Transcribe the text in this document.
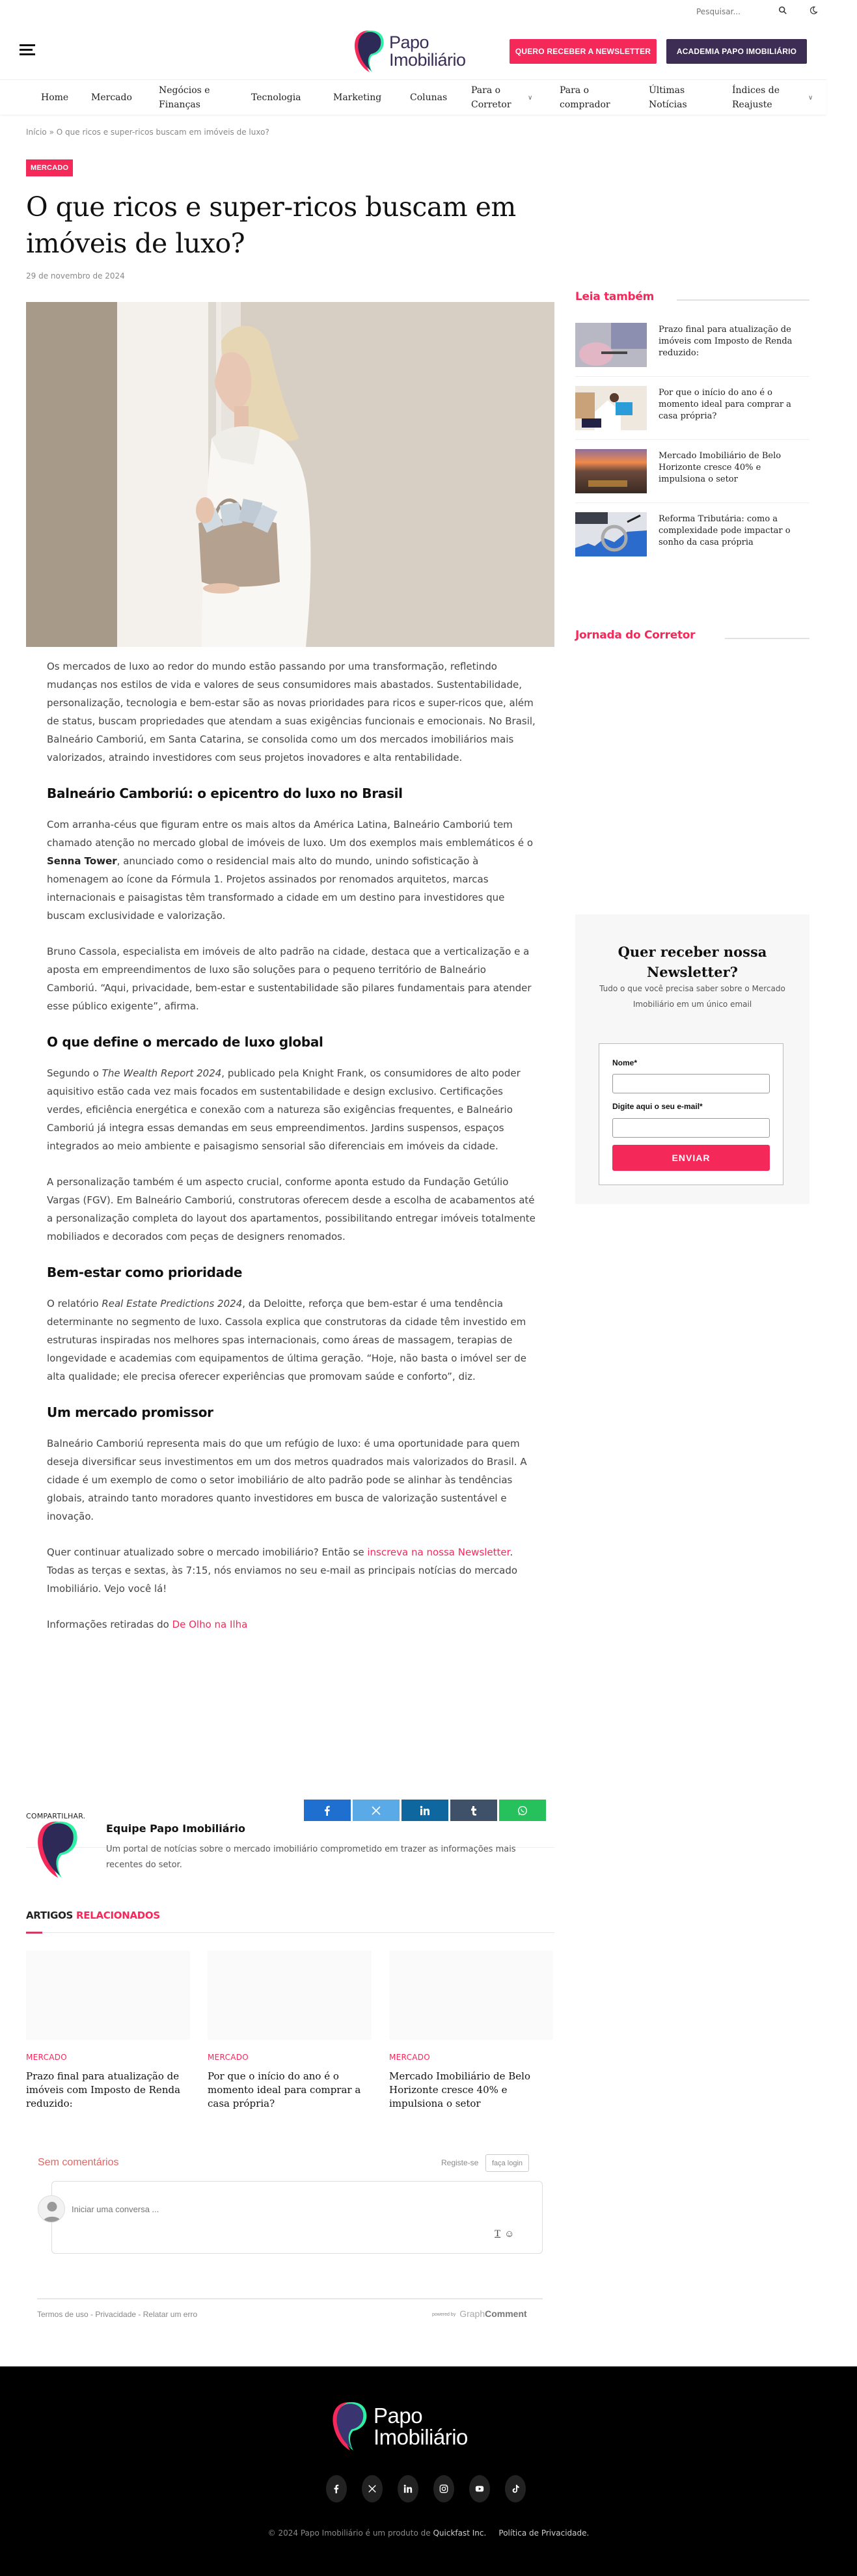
Pesquisar...
Papo
Imobiliário	QUERO RECEBER A NEWSLETTER	ACADEMIA PAPO IMOBILIÁRIO
Home Mercado
Negócios e Finanças
Tecnologia	Marketing	Colunas
Para o Corretor
∨
Para o comprador
Últimas Notícias
Índices de Reajuste
∨
Início » O que ricos e super-ricos buscam em imóveis de luxo?
MERCADO
O que ricos e super-ricos buscam em imóveis de luxo?
29 de novembro de 2024

Os mercados de luxo ao redor do mundo estão passando por uma transformação, refletindo mudanças nos estilos de vida e valores de seus consumidores mais abastados. Sustentabilidade, personalização, tecnologia e bem-estar são as novas prioridades para ricos e super-ricos que, além de status, buscam propriedades que atendam a suas exigências funcionais e emocionais. No Brasil, Balneário Camboriú, em Santa Catarina, se consolida como um dos mercados imobiliários mais valorizados, atraindo investidores com seus projetos inovadores e alta rentabilidade.

Balneário Camboriú: o epicentro do luxo no Brasil

Com arranha-céus que figuram entre os mais altos da América Latina, Balneário Camboriú tem chamado atenção no mercado global de imóveis de luxo. Um dos exemplos mais emblemáticos é o Senna Tower, anunciado como o residencial mais alto do mundo, unindo sofisticação à homenagem ao ícone da Fórmula 1. Projetos assinados por renomados arquitetos, marcas internacionais e paisagistas têm transformado a cidade em um destino para investidores que buscam exclusividade e valorização.

Bruno Cassola, especialista em imóveis de alto padrão na cidade, destaca que a verticalização e a aposta em empreendimentos de luxo são soluções para o pequeno território de Balneário Camboriú. “Aqui, privacidade, bem-estar e sustentabilidade são pilares fundamentais para atender esse público exigente”, afirma.

O que define o mercado de luxo global

Segundo o The Wealth Report 2024, publicado pela Knight Frank, os consumidores de alto poder aquisitivo estão cada vez mais focados em sustentabilidade e design exclusivo. Certificações verdes, eficiência energética e conexão com a natureza são exigências frequentes, e Balneário Camboriú já integra essas demandas em seus empreendimentos. Jardins suspensos, espaços integrados ao meio ambiente e paisagismo sensorial são diferenciais em imóveis da cidade.

A personalização também é um aspecto crucial, conforme aponta estudo da Fundação Getúlio Vargas (FGV). Em Balneário Camboriú, construtoras oferecem desde a escolha de acabamentos até a personalização completa do layout dos apartamentos, possibilitando entregar imóveis totalmente mobiliados e decorados com peças de designers renomados.

Bem-estar como prioridade

O relatório Real Estate Predictions 2024, da Deloitte, reforça que bem-estar é uma tendência determinante no segmento de luxo. Cassola explica que construtoras da cidade têm investido em estruturas inspiradas nos melhores spas internacionais, como áreas de massagem, terapias de longevidade e academias com equipamentos de última geração. “Hoje, não basta o imóvel ser de alta qualidade; ele precisa oferecer experiências que promovam saúde e conforto”, diz.

Um mercado promissor

Balneário Camboriú representa mais do que um refúgio de luxo: é uma oportunidade para quem deseja diversificar seus investimentos em um dos metros quadrados mais valorizados do Brasil. A cidade é um exemplo de como o setor imobiliário de alto padrão pode se alinhar às tendências globais, atraindo tanto moradores quanto investidores em busca de valorização sustentável e inovação.

Quer continuar atualizado sobre o mercado imobiliário? Então se inscreva na nossa Newsletter. Todas as terças e sextas, às 7:15, nós enviamos no seu e-mail as principais notícias do mercado Imobiliário. Vejo você lá!

Informações retiradas do De Olho na Ilha

COMPARTILHAR.
Equipe Papo Imobiliário
Um portal de notícias sobre o mercado imobiliário comprometido em trazer as informações mais recentes do setor.
ARTIGOS RELACIONADOS
MERCADO
Prazo final para atualização de imóveis com Imposto de Renda reduzido:
MERCADO
Por que o início do ano é o momento ideal para comprar a casa própria?
MERCADO
Mercado Imobiliário de Belo Horizonte cresce 40% e impulsiona o setor
Sem comentários	Registe-se	faça login
Iniciar uma conversa ...
T ☺
Termos de uso - Privacidade - Relatar um erro	powered by GraphComment
Leia também
Prazo final para atualização de imóveis com Imposto de Renda reduzido:
Por que o início do ano é o momento ideal para comprar a casa própria?
Mercado Imobiliário de Belo Horizonte cresce 40% e impulsiona o setor
Reforma Tributária: como a complexidade pode impactar o sonho da casa própria
Jornada do Corretor
Quer receber nossa Newsletter?
Tudo o que você precisa saber sobre o Mercado Imobiliário em um único email
Nome*
Digite aqui o seu e-mail*
ENVIAR
Papo
Imobiliário
© 2024 Papo Imobiliário é um produto de Quickfast Inc. Política de Privacidade.
